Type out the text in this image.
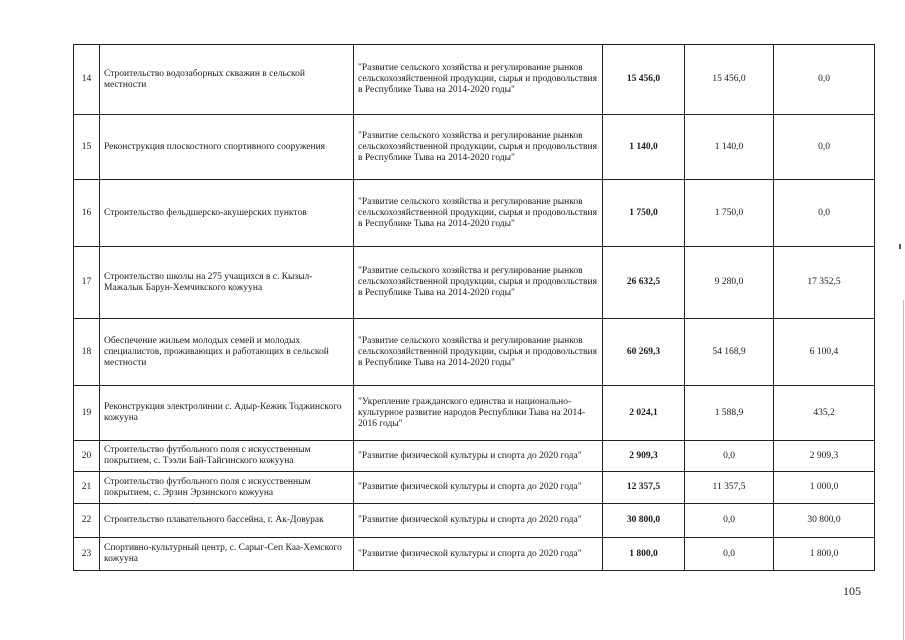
14	Строительство водозаборных скважин в сельской местности	"Развитие сельского хозяйства и регулирование рынков сельскохозяйственной продукции, сырья и продовольствия в Республике Тыва на 2014-2020 годы"	15 456,0	15 456,0	0,0
15	Реконструкция плоскостного спортивного сооружения	"Развитие сельского хозяйства и регулирование рынков сельскохозяйственной продукции, сырья и продовольствия в Республике Тыва на 2014-2020 годы"	1 140,0	1 140,0	0,0
16	Строительство фельдшерско-акушерских пунктов	"Развитие сельского хозяйства и регулирование рынков сельскохозяйственной продукции, сырья и продовольствия в Республике Тыва на 2014-2020 годы"	1 750,0	1 750,0	0,0
17	Строительство школы на 275 учащихся в с. Кызыл-Мажалык Барун-Хемчикского кожууна	"Развитие сельского хозяйства и регулирование рынков сельскохозяйственной продукции, сырья и продовольствия в Республике Тыва на 2014-2020 годы"	26 632,5	9 280,0	17 352,5
18	Обеспечение жильем молодых семей и молодых специалистов, проживающих и работающих в сельской местности	"Развитие сельского хозяйства и регулирование рынков сельскохозяйственной продукции, сырья и продовольствия в Республике Тыва на 2014-2020 годы"	60 269,3	54 168,9	6 100,4
19	Реконструкция электролинии с. Адыр-Кежик Тоджинского кожууна	"Укрепление гражданского единства и национально-культурное развитие народов Республики Тыва на 2014-2016 годы"	2 024,1	1 588,9	435,2
20	Строительство футбольного поля с искусственным покрытием, с. Тээли Бай-Тайгинского кожууна	"Развитие физической культуры и спорта до 2020 года"	2 909,3	0,0	2 909,3
21	Строительство футбольного поля с искусственным покрытием, с. Эрзин Эрзинского кожууна	"Развитие физической культуры и спорта до 2020 года"	12 357,5	11 357,5	1 000,0
22	Строительство плавательного бассейна, г. Ак-Довурак	"Развитие физической культуры и спорта до 2020 года"	30 800,0	0,0	30 800,0
23	Спортивно-культурный центр, с. Сарыг-Сеп Каа-Хемского кожууна	"Развитие физической культуры и спорта до 2020 года"	1 800,0	0,0	1 800,0
105
